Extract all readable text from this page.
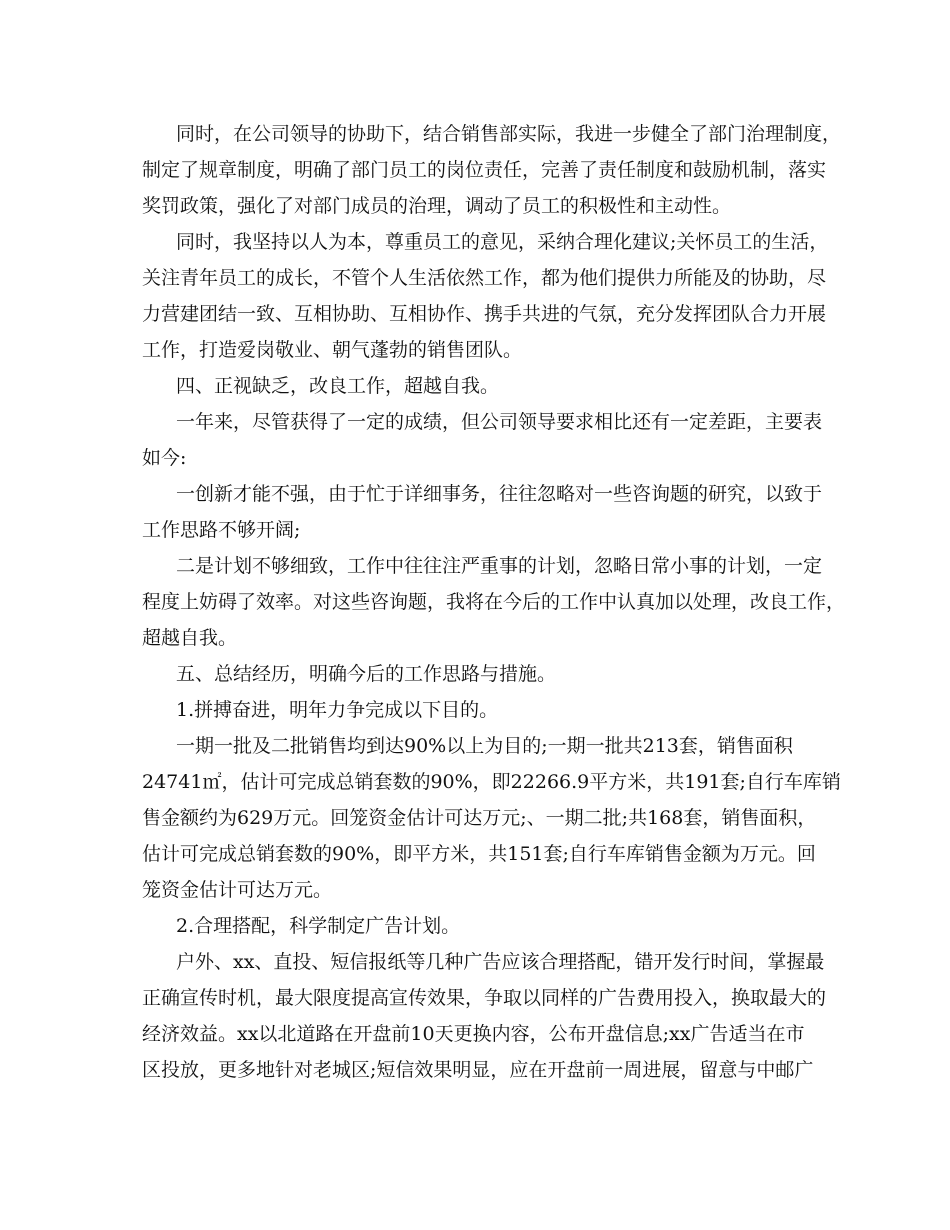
同时，在公司领导的协助下，结合销售部实际，我进一步健全了部门治理制度，
制定了规章制度，明确了部门员工的岗位责任，完善了责任制度和鼓励机制，落实
奖罚政策，强化了对部门成员的治理，调动了员工的积极性和主动性。
同时，我坚持以人为本，尊重员工的意见，采纳合理化建议;关怀员工的生活，
关注青年员工的成长，不管个人生活依然工作，都为他们提供力所能及的协助，尽
力营建团结一致、互相协助、互相协作、携手共进的气氛，充分发挥团队合力开展
工作，打造爱岗敬业、朝气蓬勃的销售团队。
四、正视缺乏，改良工作，超越自我。
一年来，尽管获得了一定的成绩，但公司领导要求相比还有一定差距，主要表
如今:
一创新才能不强，由于忙于详细事务，往往忽略对一些咨询题的研究，以致于
工作思路不够开阔;
二是计划不够细致，工作中往往注严重事的计划，忽略日常小事的计划，一定
程度上妨碍了效率。对这些咨询题，我将在今后的工作中认真加以处理，改良工作，
超越自我。
五、总结经历，明确今后的工作思路与措施。
1.拼搏奋进，明年力争完成以下目的。
一期一批及二批销售均到达90%以上为目的;一期一批共213套，销售面积
24741㎡，估计可完成总销套数的90%，即22266.9平方米，共191套;自行车库销
售金额约为629万元。回笼资金估计可达万元;、一期二批;共168套，销售面积，
估计可完成总销套数的90%，即平方米，共151套;自行车库销售金额为万元。回
笼资金估计可达万元。
2.合理搭配，科学制定广告计划。
户外、xx、直投、短信报纸等几种广告应该合理搭配，错开发行时间，掌握最
正确宣传时机，最大限度提高宣传效果，争取以同样的广告费用投入，换取最大的
经济效益。xx以北道路在开盘前10天更换内容，公布开盘信息;xx广告适当在市
区投放，更多地针对老城区;短信效果明显，应在开盘前一周进展，留意与中邮广
